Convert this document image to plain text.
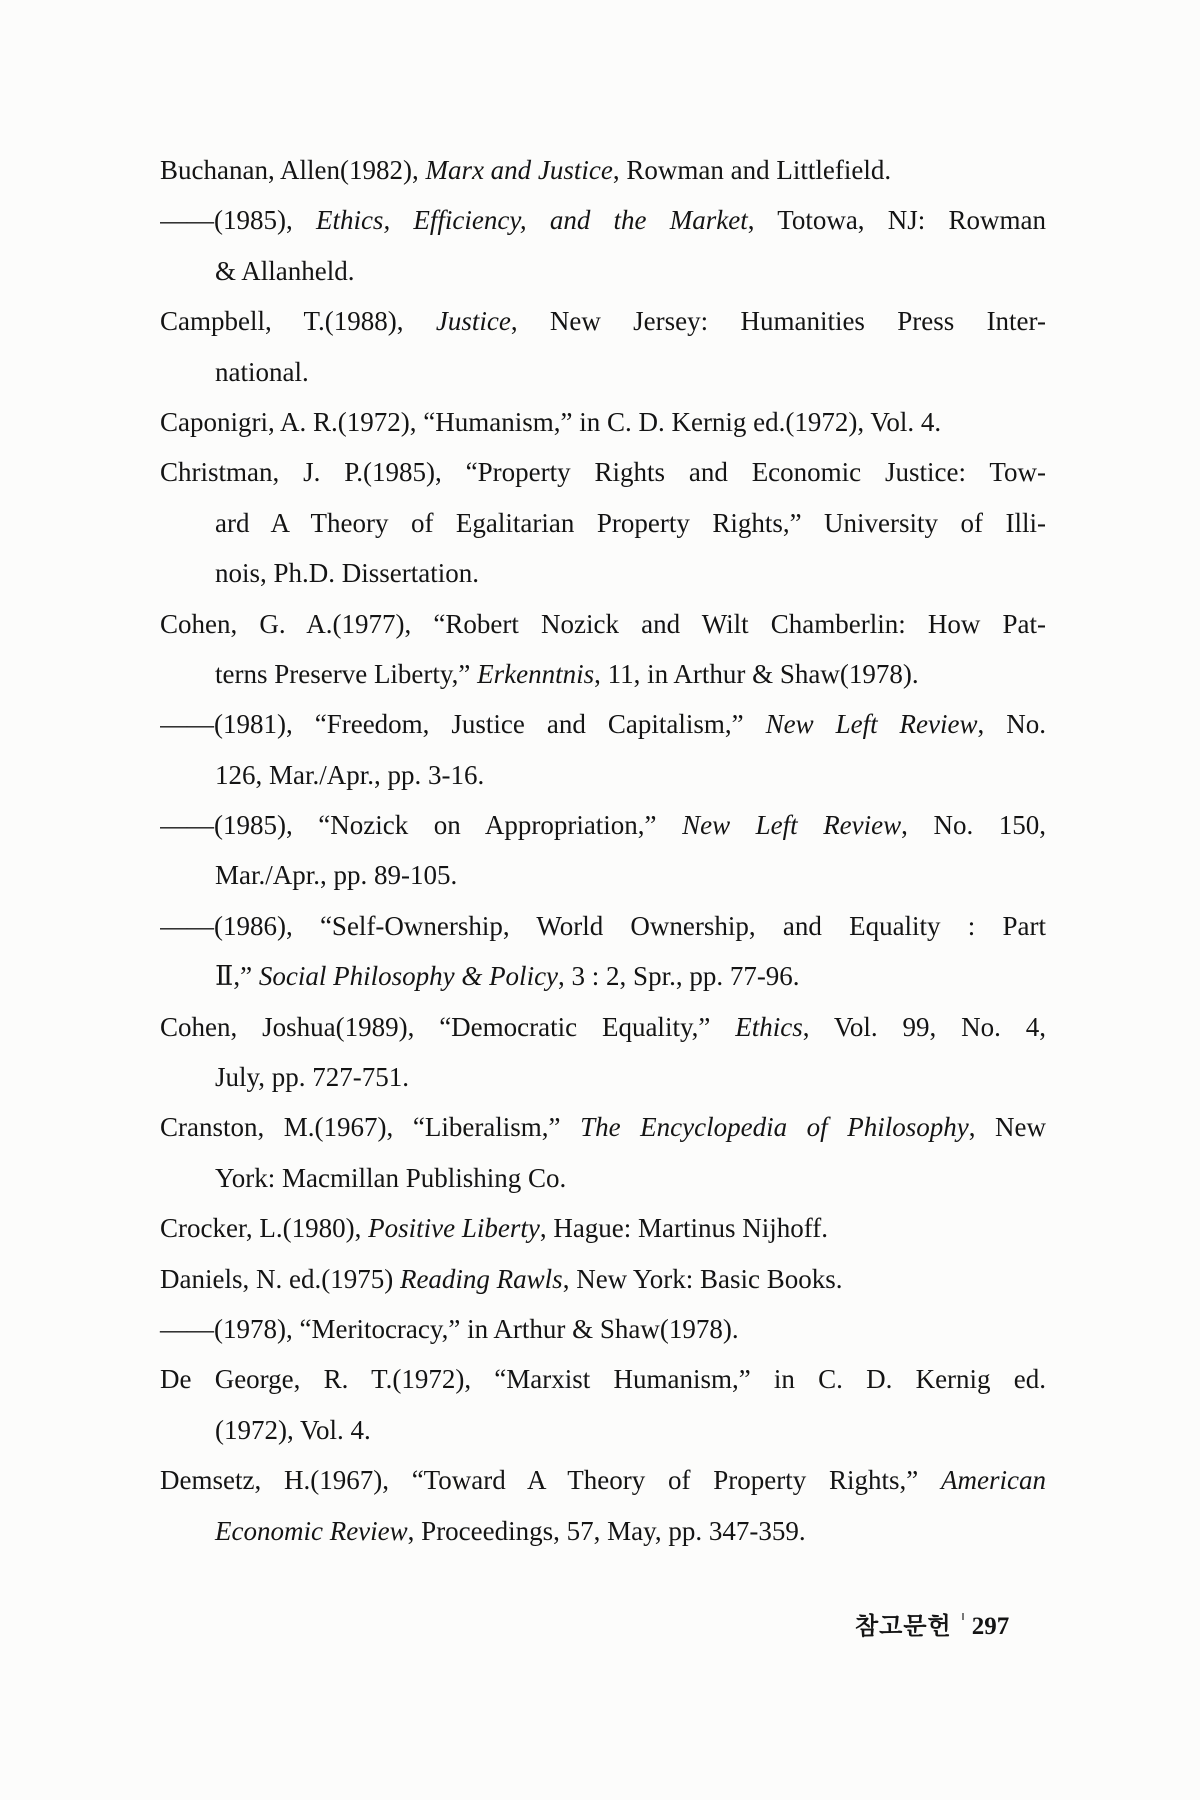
Buchanan, Allen(1982), Marx and Justice, Rowman and Littlefield.
——(1985), Ethics, Efficiency, and the Market, Totowa, NJ: Rowman
& Allanheld.
Campbell, T.(1988), Justice, New Jersey: Humanities Press Inter-
national.
Caponigri, A. R.(1972), “Humanism,” in C. D. Kernig ed.(1972), Vol. 4.
Christman, J. P.(1985), “Property Rights and Economic Justice: Tow-
ard A Theory of Egalitarian Property Rights,” University of Illi-
nois, Ph.D. Dissertation.
Cohen, G. A.(1977), “Robert Nozick and Wilt Chamberlin: How Pat-
terns Preserve Liberty,” Erkenntnis, 11, in Arthur & Shaw(1978).
——(1981), “Freedom, Justice and Capitalism,” New Left Review, No.
126, Mar./Apr., pp. 3-16.
——(1985), “Nozick on Appropriation,” New Left Review, No. 150,
Mar./Apr., pp. 89-105.
——(1986), “Self-Ownership, World Ownership, and Equality : Part
Ⅱ,” Social Philosophy & Policy, 3 : 2, Spr., pp. 77-96.
Cohen, Joshua(1989), “Democratic Equality,” Ethics, Vol. 99, No. 4,
July, pp. 727-751.
Cranston, M.(1967), “Liberalism,” The Encyclopedia of Philosophy, New
York: Macmillan Publishing Co.
Crocker, L.(1980), Positive Liberty, Hague: Martinus Nijhoff.
Daniels, N. ed.(1975) Reading Rawls, New York: Basic Books.
——(1978), “Meritocracy,” in Arthur & Shaw(1978).
De George, R. T.(1972), “Marxist Humanism,” in C. D. Kernig ed.
(1972), Vol. 4.
Demsetz, H.(1967), “Toward A Theory of Property Rights,” American
Economic Review, Proceedings, 57, May, pp. 347-359.
참고문헌 297
